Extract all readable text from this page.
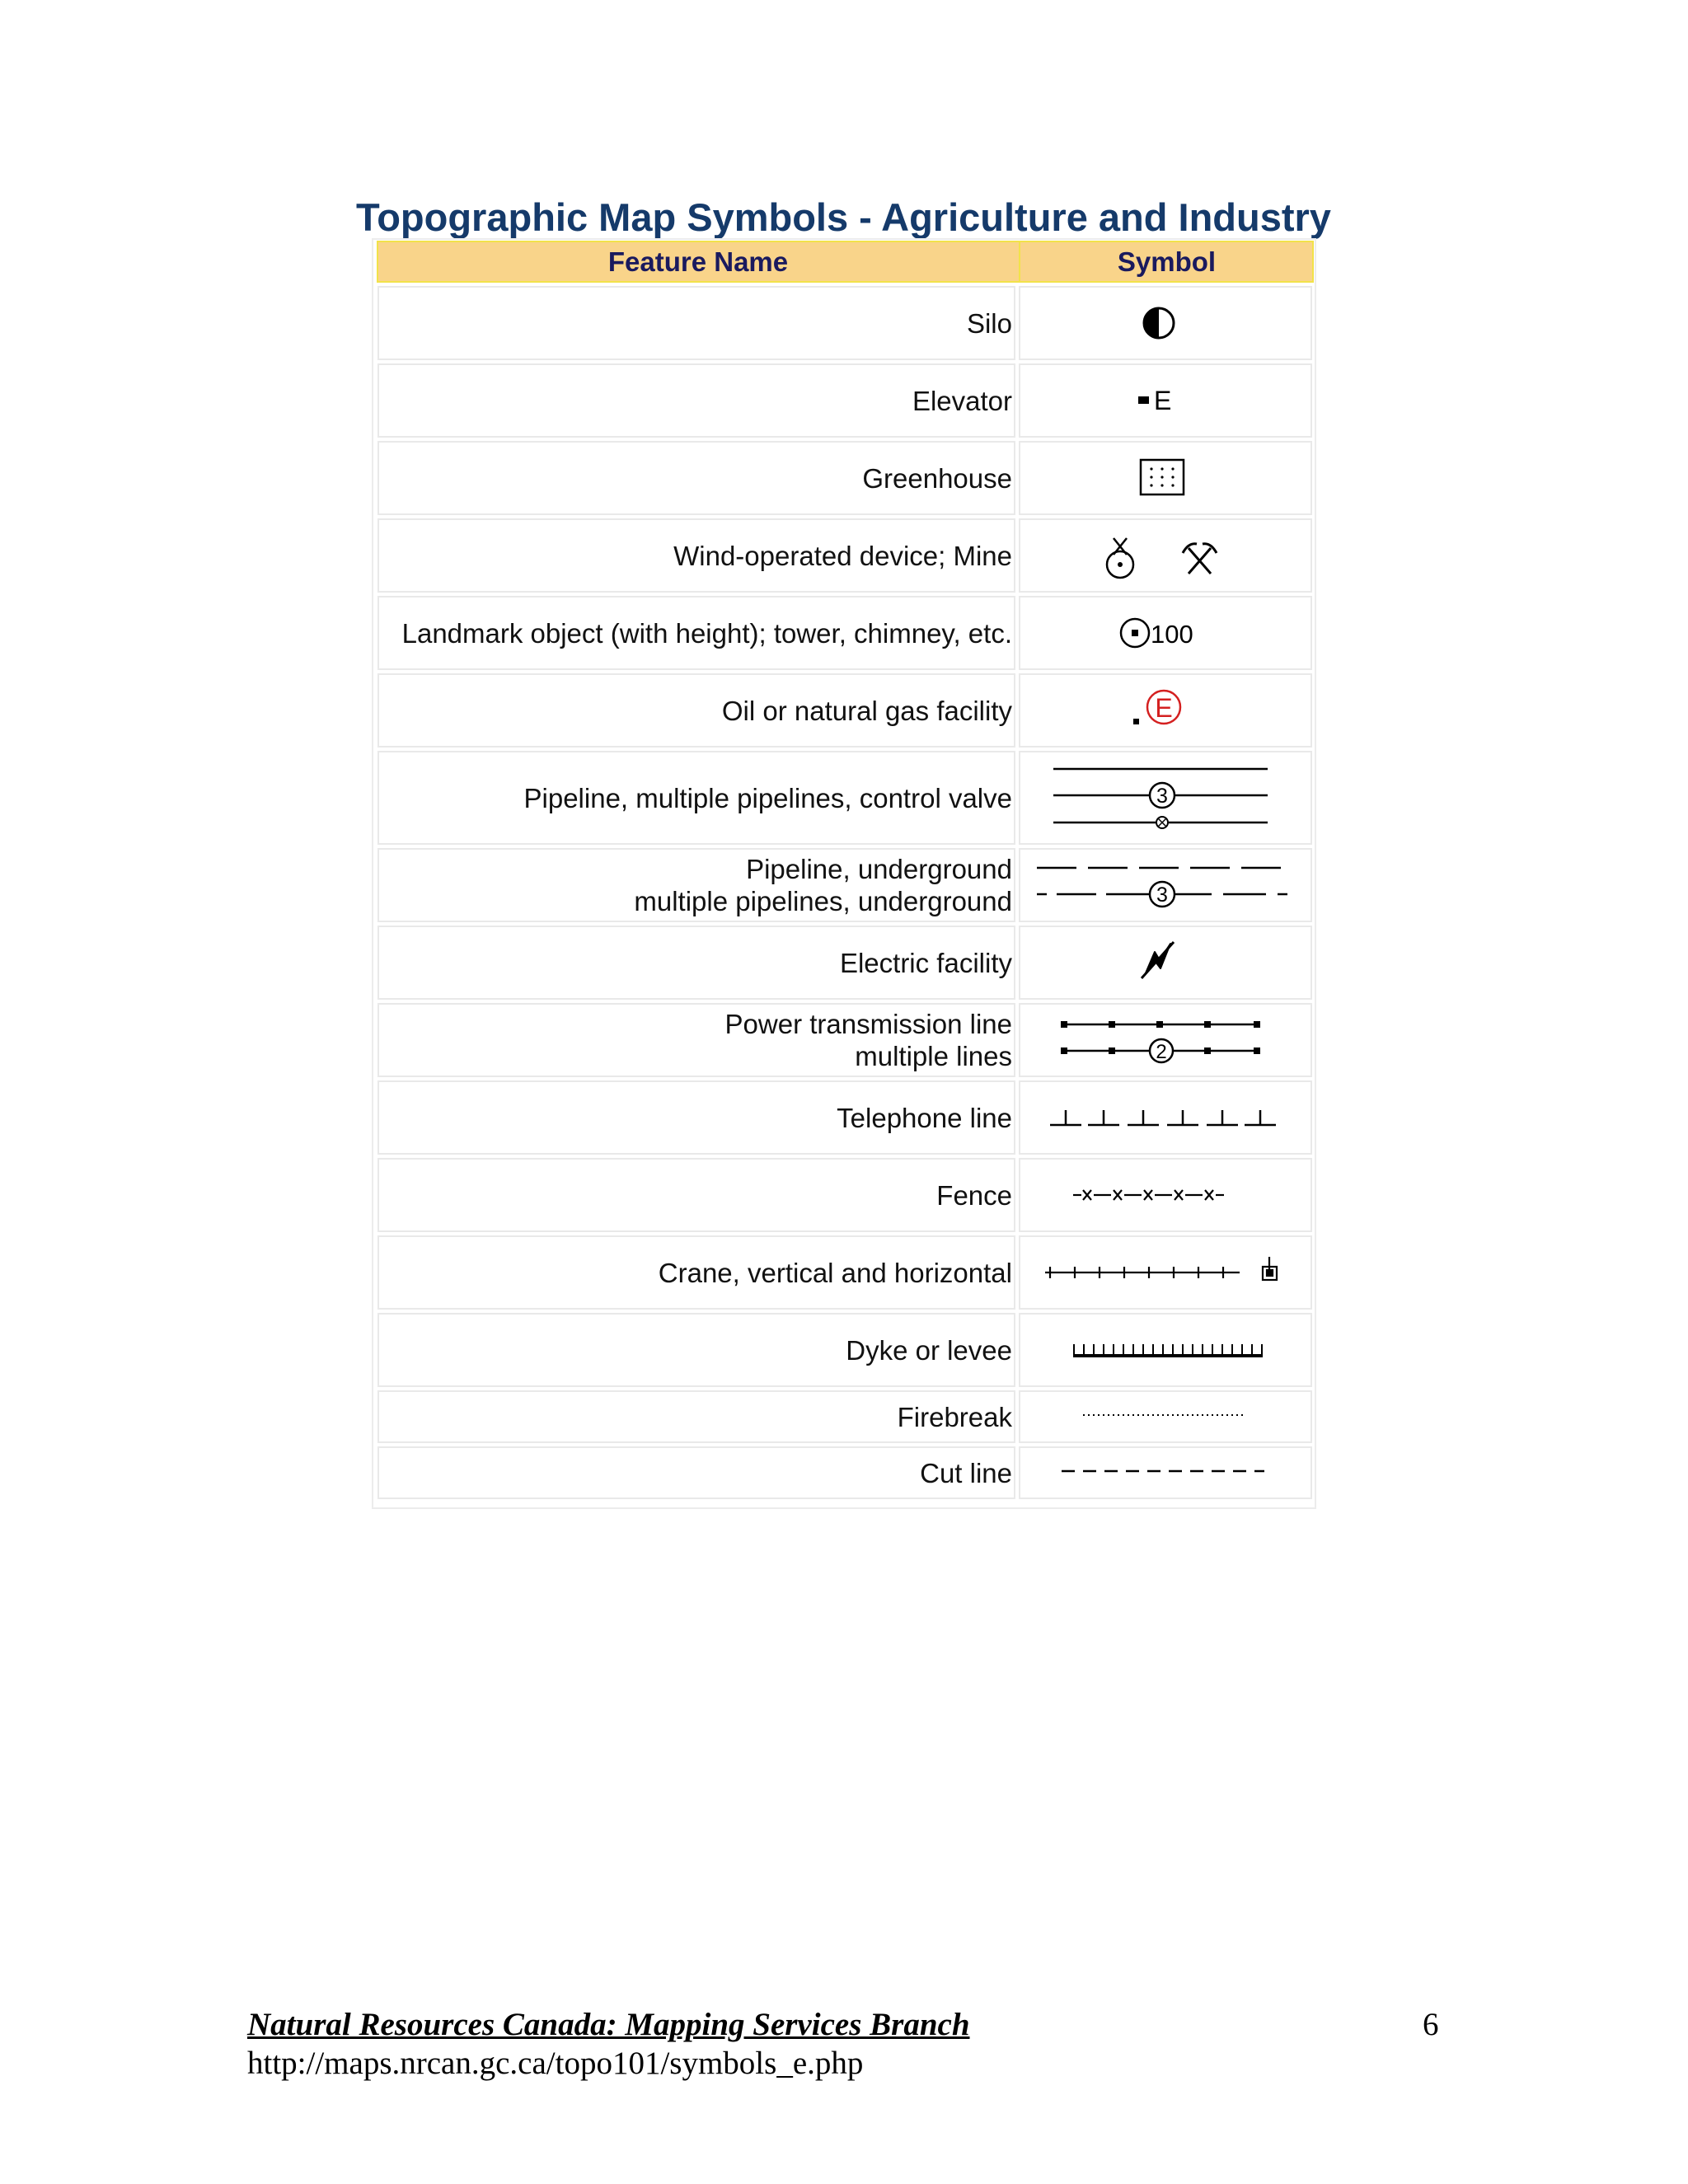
Topographic Map Symbols - Agriculture and Industry
Feature Name	Symbol
Silo
Elevator	E
Greenhouse
Wind-operated device; Mine
Landmark object (with height); tower, chimney, etc.	100
Oil or natural gas facility	E
Pipeline, multiple pipelines, control valve	3
Pipeline, underground
multiple pipelines, underground	3
Electric facility
Power transmission line
multiple lines	2
Telephone line
Fence
Crane, vertical and horizontal
Dyke or levee
Firebreak
Cut line
Natural Resources Canada: Mapping Services Branch
http://maps.nrcan.gc.ca/topo101/symbols_e.php
6
